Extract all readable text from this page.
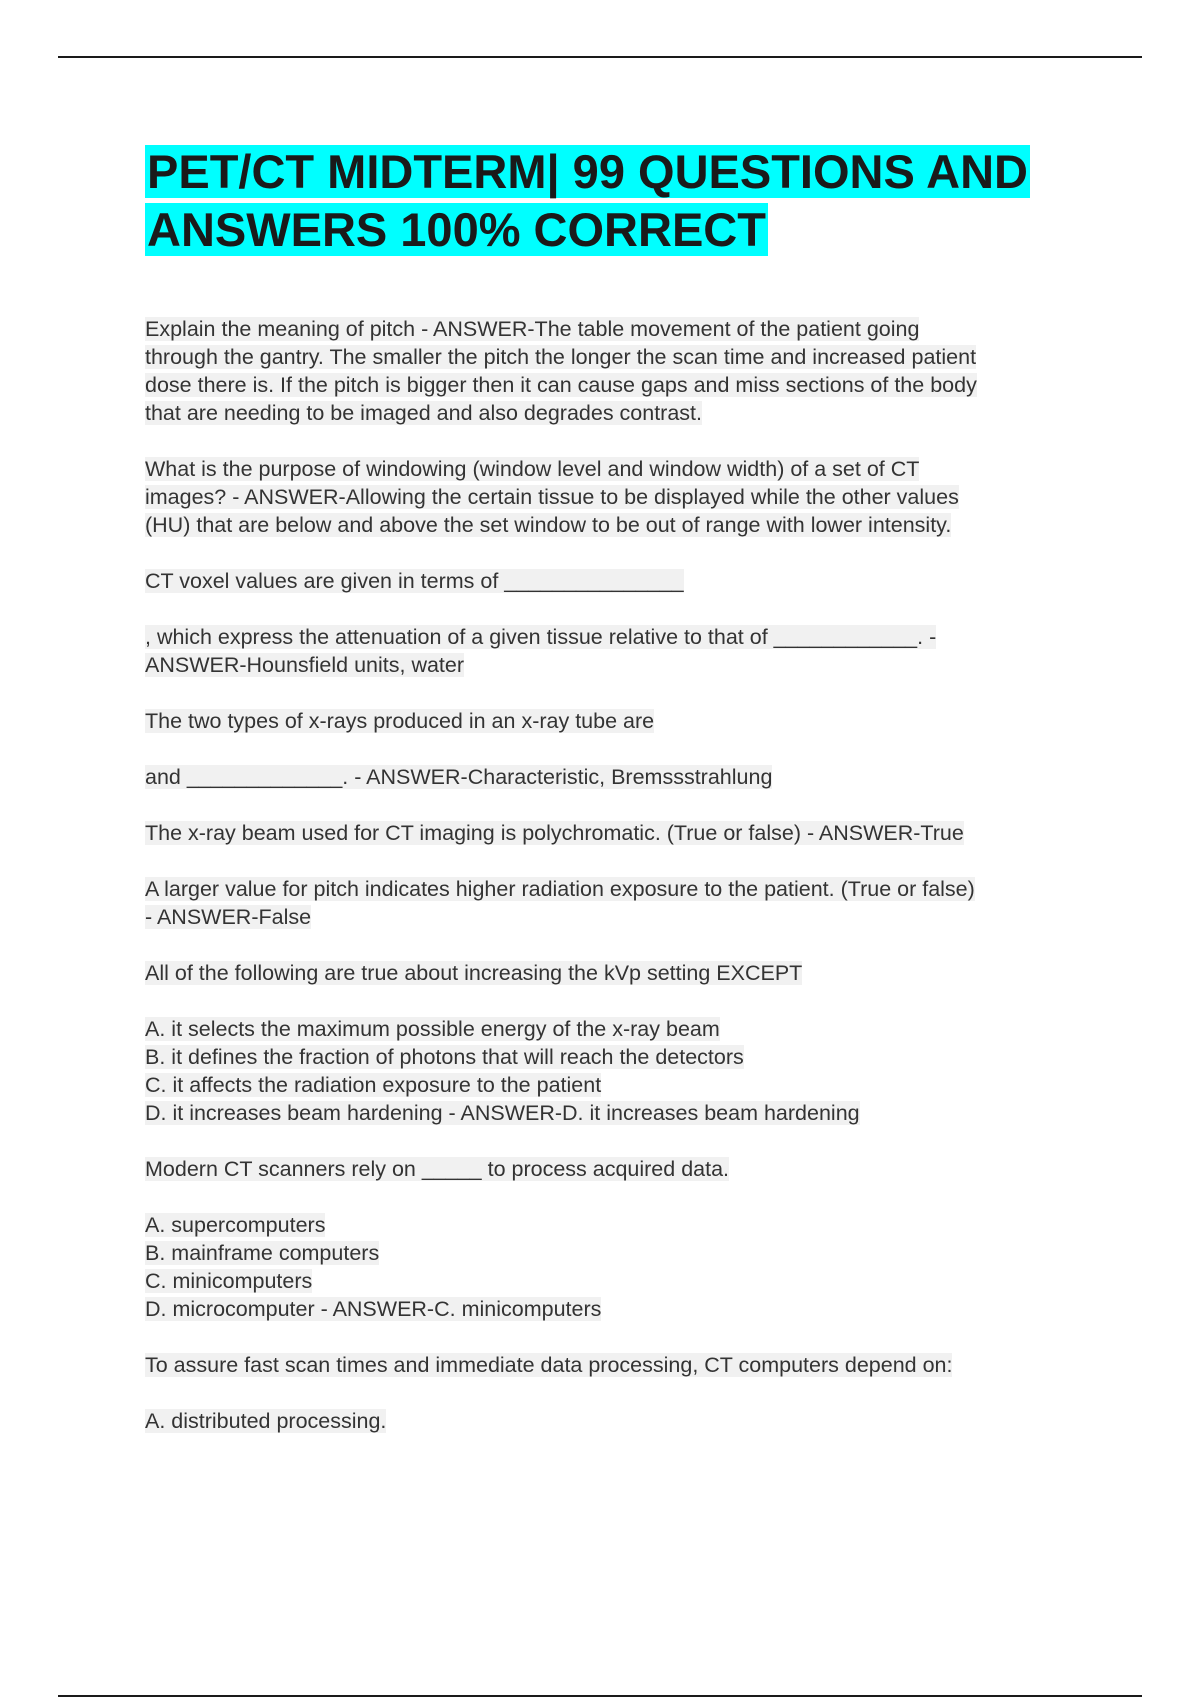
PET/CT MIDTERM| 99 QUESTIONS AND
ANSWERS 100% CORRECT
Explain the meaning of pitch - ANSWER-The table movement of the patient going
through the gantry. The smaller the pitch the longer the scan time and increased patient
dose there is. If the pitch is bigger then it can cause gaps and miss sections of the body
that are needing to be imaged and also degrades contrast.
What is the purpose of windowing (window level and window width) of a set of CT
images? - ANSWER-Allowing the certain tissue to be displayed while the other values
(HU) that are below and above the set window to be out of range with lower intensity.
CT voxel values are given in terms of _______________
, which express the attenuation of a given tissue relative to that of ____________. -
ANSWER-Hounsfield units, water
The two types of x-rays produced in an x-ray tube are
and _____________. - ANSWER-Characteristic, Bremssstrahlung
The x-ray beam used for CT imaging is polychromatic. (True or false) - ANSWER-True
A larger value for pitch indicates higher radiation exposure to the patient. (True or false)
- ANSWER-False
All of the following are true about increasing the kVp setting EXCEPT
A. it selects the maximum possible energy of the x-ray beam
B. it defines the fraction of photons that will reach the detectors
C. it affects the radiation exposure to the patient
D. it increases beam hardening - ANSWER-D. it increases beam hardening
Modern CT scanners rely on _____ to process acquired data.
A. supercomputers
B. mainframe computers
C. minicomputers
D. microcomputer - ANSWER-C. minicomputers
To assure fast scan times and immediate data processing, CT computers depend on:
A. distributed processing.
